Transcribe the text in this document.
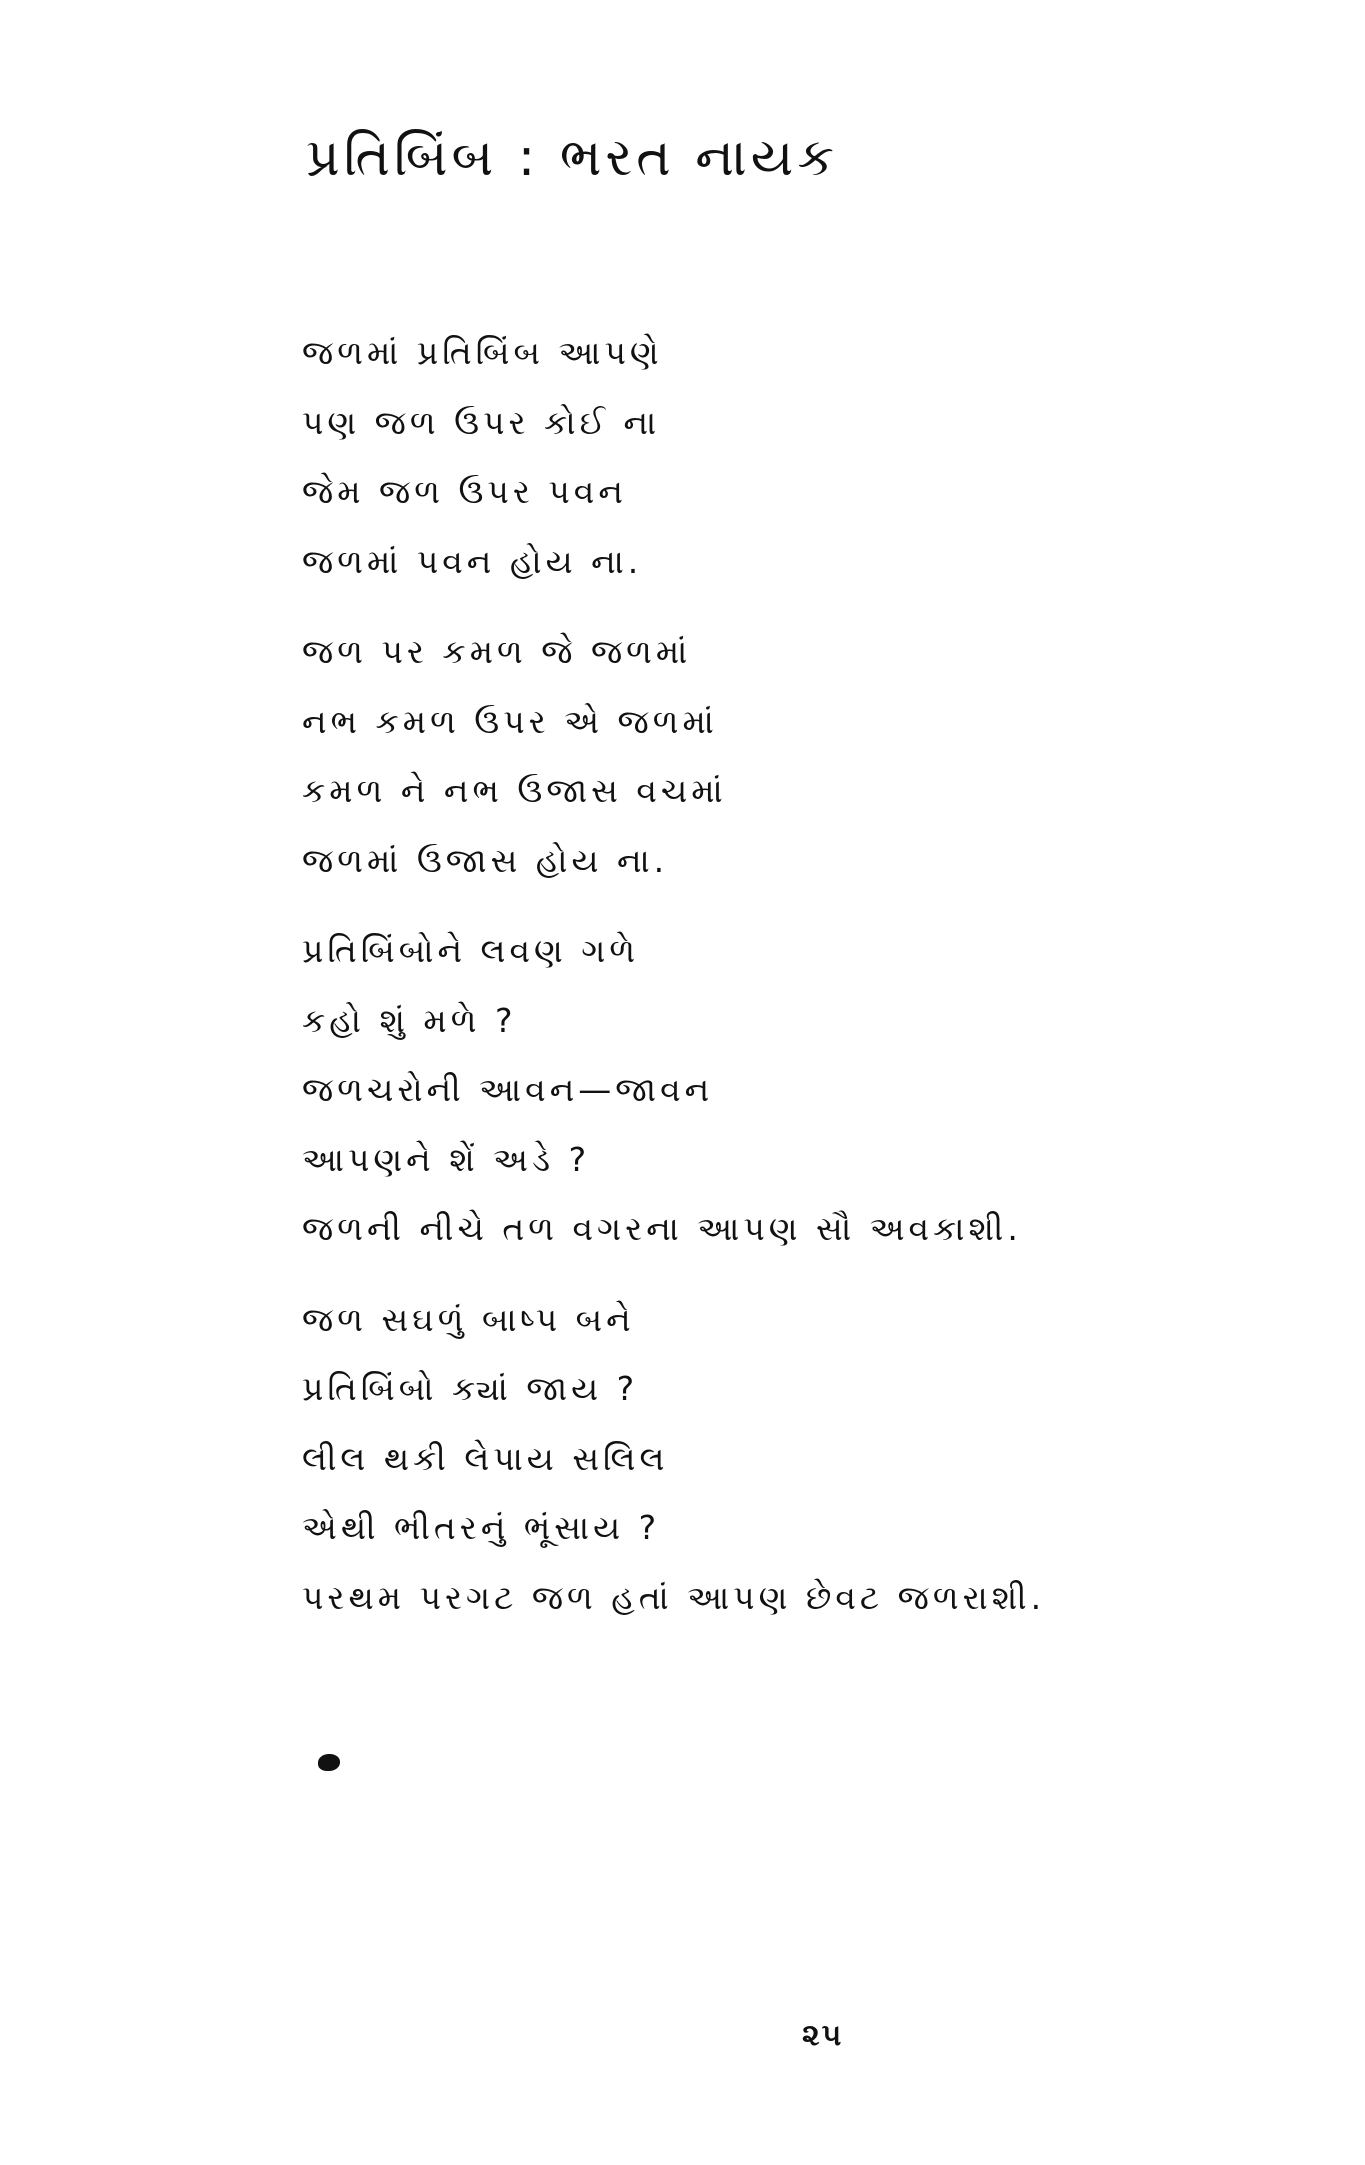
પ્રતિબિંબ : ભરત નાયક
જળમાં પ્રતિબિંબ આપણે
પણ જળ ઉપર કોઈ ના
જેમ જળ ઉપર પવન
જળમાં પવન હોય ના.
જળ પર કમળ જે જળમાં
નભ કમળ ઉપર એ જળમાં
કમળ ને નભ ઉજાસ વચમાં
જળમાં ઉજાસ હોય ના.
પ્રતિબિંબોને લવણ ગળે
કહો શું મળે ?
જળચરોની આવન—જાવન
આપણને શેં અડે ?
જળની નીચે તળ વગરના આપણ સૌ અવકાશી.
જળ સઘળું બાષ્પ બને
પ્રતિબિંબો ક્યાં જાય ?
લીલ થકી લેપાય સલિલ
એથી ભીતરનું ભૂંસાય ?
પરથમ પરગટ જળ હતાં આપણ છેવટ જળરાશી.
૨૫
